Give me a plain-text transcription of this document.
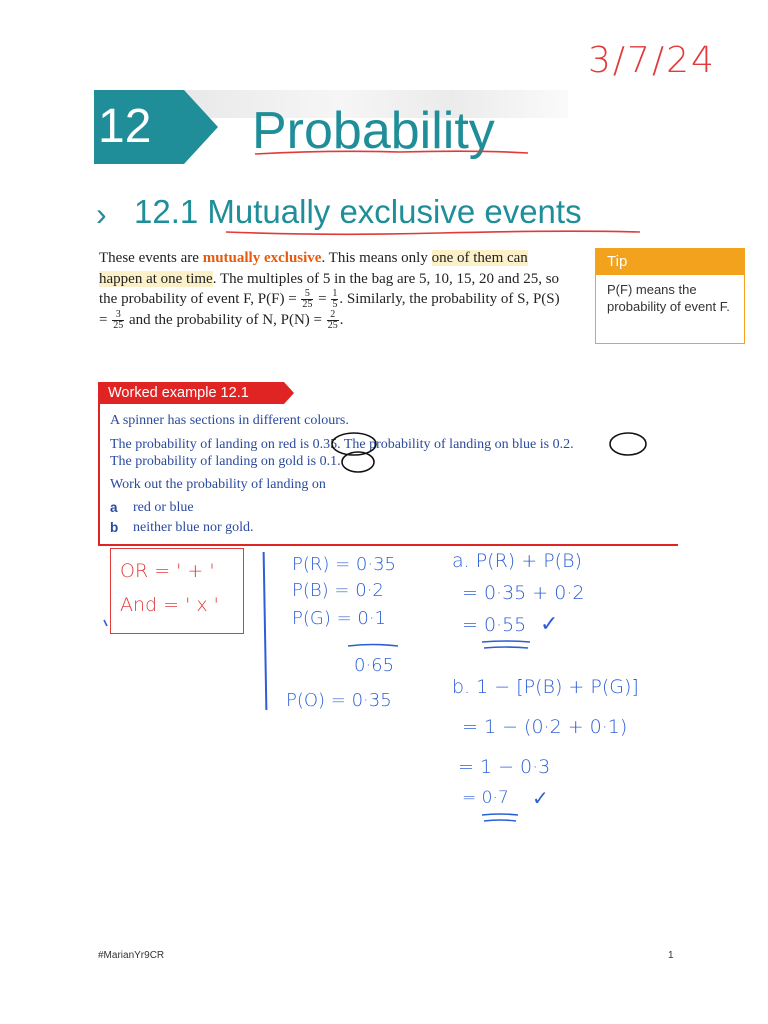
3/7/24
12	Probability
› 12.1 Mutually exclusive events
These events are mutually exclusive. This means only one of them can happen at one time. The multiples of 5 in the bag are 5, 10, 15, 20 and 25, so the probability of event F, $P(F) = \frac{5}{25} = \frac{1}{5}$ . Similarly, the probability of S, $P(S) = \frac{3}{25}$ and the probability of N, $P(N) = \frac{2}{25}$ .
Tip
P(F) means the probability of event F.
Worked example 12.1
A spinner has sections in different colours.
The probability of landing on red is 0.35. The probability of landing on blue is 0.2.
The probability of landing on gold is 0.1.
Work out the probability of landing on
a red or blue
b neither blue nor gold.
OR = ' + '
And = ' x '
P(R) = 0·35
P(B) = 0·2
P(G) = 0·1
0·65
P(O) = 0·35
a. P(R) + P(B)
= 0·35 + 0·2
= 0·55 ✓
b. 1 − [P(B) + P(G)]
= 1 − (0·2 + 0·1)
= 1 − 0·3
= 0·7 ✓
#MarianYr9CR	1
